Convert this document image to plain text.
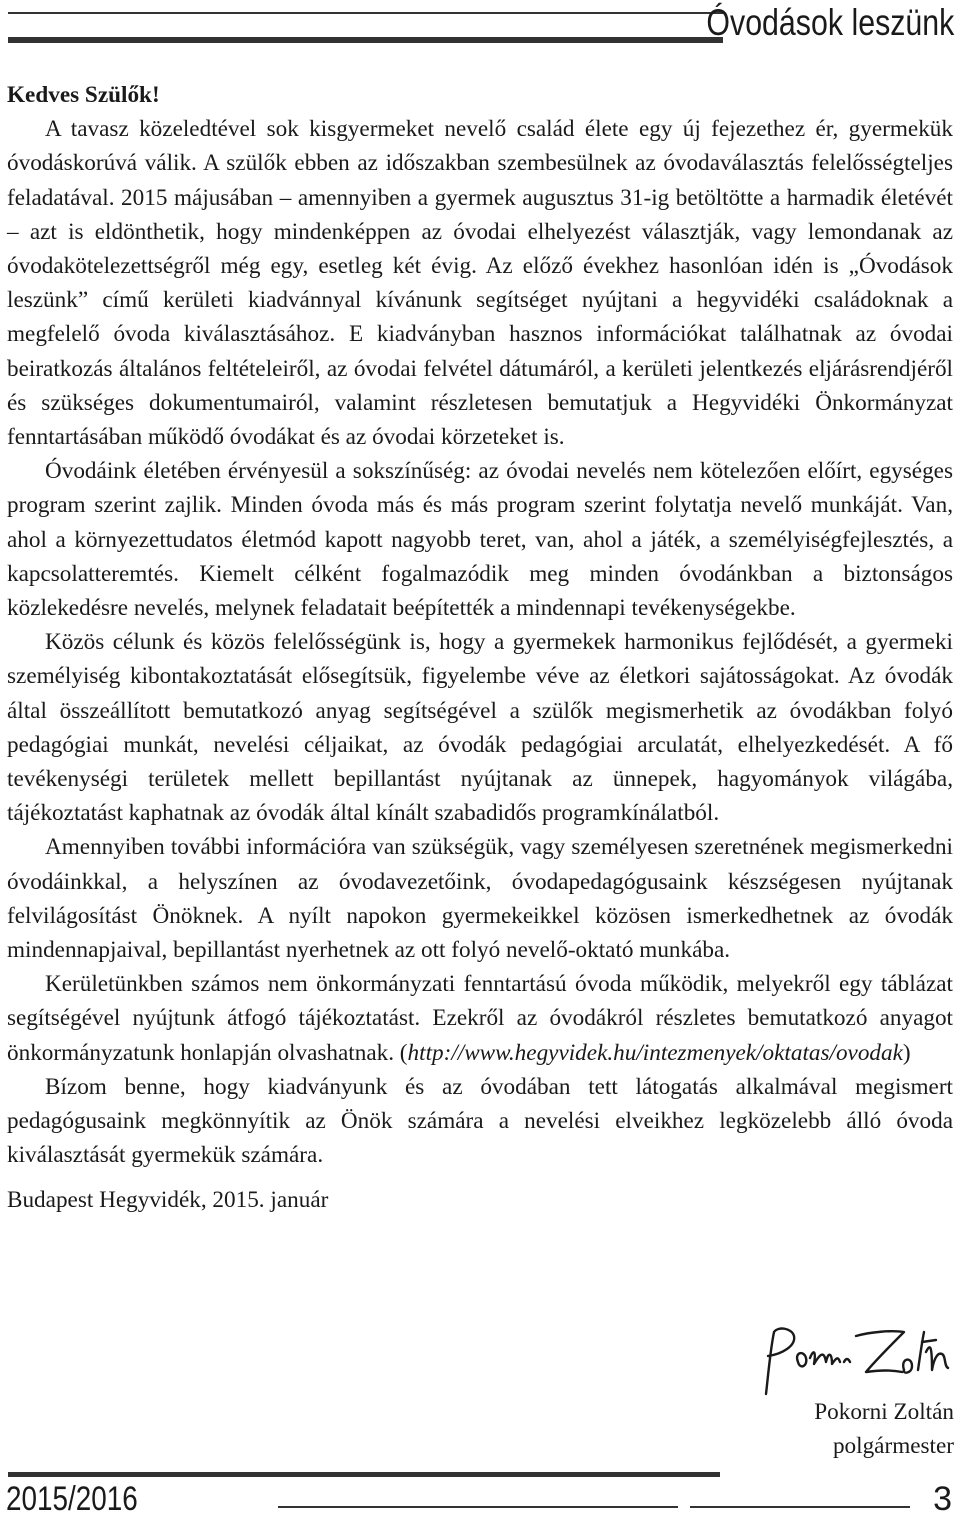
Óvodások leszünk

Kedves Szülők!

A tavasz közeledtével sok kisgyermeket nevelő család élete egy új fejezethez ér, gyermekük óvodáskorúvá válik. A szülők ebben az időszakban szembesülnek az óvodaválasztás felelősségteljes feladatával. 2015 májusában – amennyiben a gyermek augusztus 31-ig betöltötte a harmadik életévét – azt is eldönthetik, hogy mindenképpen az óvodai elhelyezést választják, vagy lemondanak az óvodakötelezettségről még egy, esetleg két évig. Az előző évekhez hasonlóan idén is „Óvodások leszünk” című kerületi kiadvánnyal kívánunk segítséget nyújtani a hegyvidéki családoknak a megfelelő óvoda kiválasztásához. E kiadványban hasznos információkat találhatnak az óvodai beiratkozás általános feltételeiről, az óvodai felvétel dátumáról, a kerületi jelentkezés eljárásrendjéről és szükséges dokumentumairól, valamint részletesen bemutatjuk a Hegyvidéki Önkormányzat fenntartásában működő óvodákat és az óvodai körzeteket is.

Óvodáink életében érvényesül a sokszínűség: az óvodai nevelés nem kötelezően előírt, egységes program szerint zajlik. Minden óvoda más és más program szerint folytatja nevelő munkáját. Van, ahol a környezettudatos életmód kapott nagyobb teret, van, ahol a játék, a személyiségfejlesztés, a kapcsolatteremtés. Kiemelt célként fogalmazódik meg minden óvodánkban a biztonságos közlekedésre nevelés, melynek feladatait beépítették a mindennapi tevékenységekbe.

Közös célunk és közös felelősségünk is, hogy a gyermekek harmonikus fejlődését, a gyermeki személyiség kibontakoztatását elősegítsük, figyelembe véve az életkori sajátosságokat. Az óvodák által összeállított bemutatkozó anyag segítségével a szülők megismerhetik az óvodákban folyó pedagógiai munkát, nevelési céljaikat, az óvodák pedagógiai arculatát, elhelyezkedését. A fő tevékenységi területek mellett bepillantást nyújtanak az ünnepek, hagyományok világába, tájékoztatást kaphatnak az óvodák által kínált szabadidős programkínálatból.

Amennyiben további információra van szükségük, vagy személyesen szeretnének megismerkedni óvodáinkkal, a helyszínen az óvodavezetőink, óvodapedagógusaink készségesen nyújtanak felvilágosítást Önöknek. A nyílt napokon gyermekeikkel közösen ismerkedhetnek az óvodák mindennapjaival, bepillantást nyerhetnek az ott folyó nevelő-oktató munkába.

Kerületünkben számos nem önkormányzati fenntartású óvoda működik, melyekről egy táblázat segítségével nyújtunk átfogó tájékoztatást. Ezekről az óvodákról részletes bemutatkozó anyagot önkormányzatunk honlapján olvashatnak. (http://www.hegyvidek.hu/intezmenyek/oktatas/ovodak)

Bízom benne, hogy kiadványunk és az óvodában tett látogatás alkalmával megismert pedagógusaink megkönnyítik az Önök számára a nevelési elveikhez legközelebb álló óvoda kiválasztását gyermekük számára.

Budapest Hegyvidék, 2015. január

Pokorni Zoltán
polgármester
2015/2016	3
